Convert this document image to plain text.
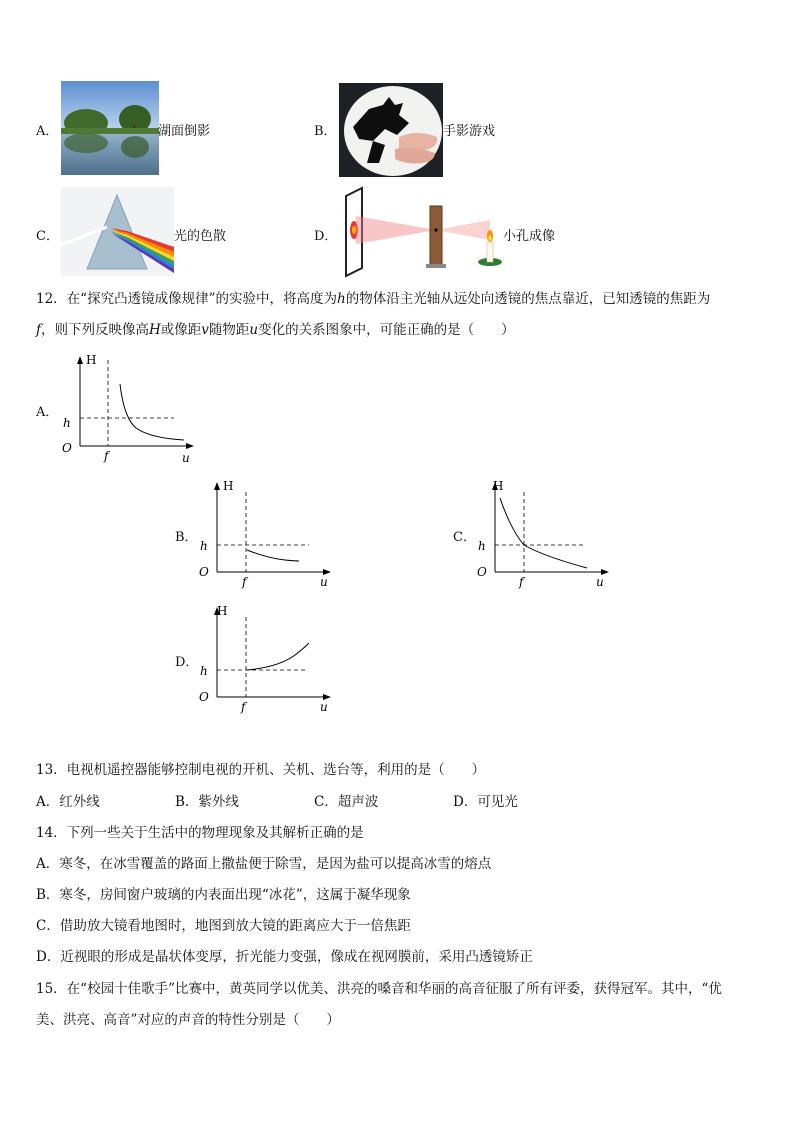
A．	湖面倒影	B．	手影游戏
C．	光的色散	D．	小孔成像
12．在“探究凸透镜成像规律”的实验中，将高度为h的物体沿主光轴从远处向透镜的焦点靠近，已知透镜的焦距为
f，则下列反映像高H或像距v随物距u变化的关系图象中，可能正确的是（　　）
A．
H
h
O
f	u
B．
H
h
O
f	u
C．
H
h
O
f	u
D．
H
h
O
f	u
13．电视机遥控器能够控制电视的开机、关机、选台等，利用的是（　　）
A．红外线	B．紫外线	C．超声波	D．可见光
14．下列一些关于生活中的物理现象及其解析正确的是
A．寒冬，在冰雪覆盖的路面上撒盐便于除雪，是因为盐可以提高冰雪的熔点
B．寒冬，房间窗户玻璃的内表面出现“冰花”，这属于凝华现象
C．借助放大镜看地图时，地图到放大镜的距离应大于一倍焦距
D．近视眼的形成是晶状体变厚，折光能力变强，像成在视网膜前，采用凸透镜矫正
15．在“校园十佳歌手”比赛中，黄英同学以优美、洪亮的嗓音和华丽的高音征服了所有评委，获得冠军。其中，“优
美、洪亮、高音”对应的声音的特性分别是（　　）
